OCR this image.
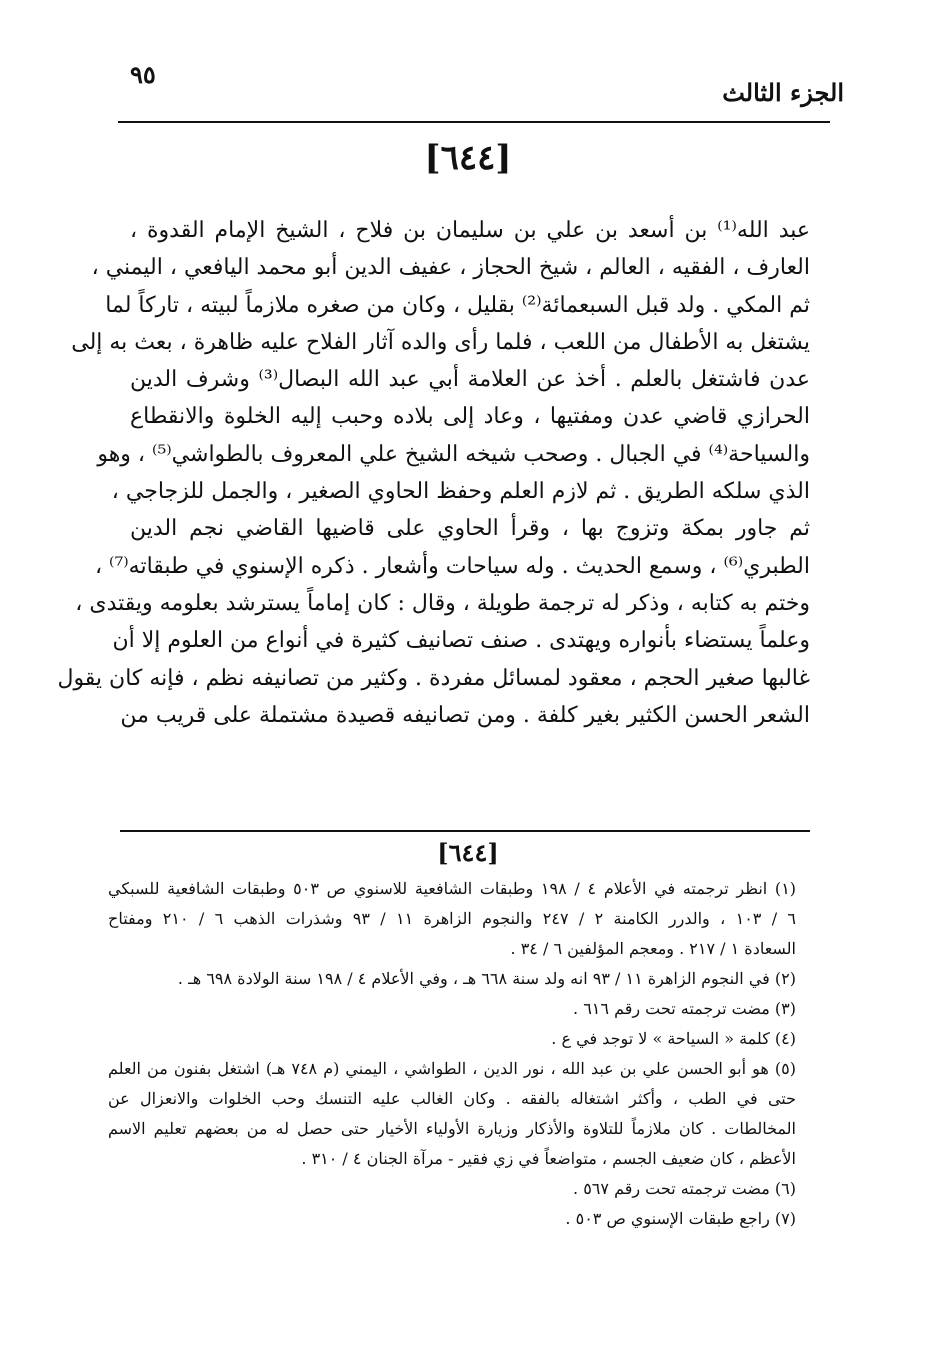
٩٥
الجزء الثالث
[٦٤٤]
عبد الله⁽¹⁾ بن أسعد بن علي بن سليمان بن فلاح ، الشيخ الإمام القدوة ،
العارف ، الفقيه ، العالم ، شيخ الحجاز ، عفيف الدين أبو محمد اليافعي ، اليمني ،
ثم المكي . ولد قبل السبعمائة⁽²⁾ بقليل ، وكان من صغره ملازماً لبيته ، تاركاً لما
يشتغل به الأطفال من اللعب ، فلما رأى والده آثار الفلاح عليه ظاهرة ، بعث به إلى
عدن فاشتغل بالعلم . أخذ عن العلامة أبي عبد الله البصال⁽³⁾ وشرف الدين
الحرازي قاضي عدن ومفتيها ، وعاد إلى بلاده وحبب إليه الخلوة والانقطاع
والسياحة⁽⁴⁾ في الجبال . وصحب شيخه الشيخ علي المعروف بالطواشي⁽⁵⁾ ، وهو
الذي سلكه الطريق . ثم لازم العلم وحفظ الحاوي الصغير ، والجمل للزجاجي ،
ثم جاور بمكة وتزوج بها ، وقرأ الحاوي على قاضيها القاضي نجم الدين
الطبري⁽⁶⁾ ، وسمع الحديث . وله سياحات وأشعار . ذكره الإسنوي في طبقاته⁽⁷⁾ ،
وختم به كتابه ، وذكر له ترجمة طويلة ، وقال : كان إماماً يسترشد بعلومه ويقتدى ،
وعلماً يستضاء بأنواره ويهتدى . صنف تصانيف كثيرة في أنواع من العلوم إلا أن
غالبها صغير الحجم ، معقود لمسائل مفردة . وكثير من تصانيفه نظم ، فإنه كان يقول
الشعر الحسن الكثير بغير كلفة . ومن تصانيفه قصيدة مشتملة على قريب من
[٦٤٤]
(١) انظر ترجمته في الأعلام ٤ / ١٩٨ وطبقات الشافعية للاسنوي ص ٥٠٣ وطبقات الشافعية للسبكي
٦ / ١٠٣ ، والدرر الكامنة ٢ / ٢٤٧ والنجوم الزاهرة ١١ / ٩٣ وشذرات الذهب ٦ / ٢١٠ ومفتاح
السعادة ١ / ٢١٧ . ومعجم المؤلفين ٦ / ٣٤ .
(٢) في النجوم الزاهرة ١١ / ٩٣ انه ولد سنة ٦٦٨ هـ ، وفي الأعلام ٤ / ١٩٨ سنة الولادة ٦٩٨ هـ .
(٣) مضت ترجمته تحت رقم ٦١٦ .
(٤) كلمة « السياحة » لا توجد في ع .
(٥) هو أبو الحسن علي بن عبد الله ، نور الدين ، الطواشي ، اليمني (م ٧٤٨ هـ) اشتغل بفنون من العلم
حتى في الطب ، وأكثر اشتغاله بالفقه . وكان الغالب عليه التنسك وحب الخلوات والانعزال عن
المخالطات . كان ملازماً للتلاوة والأذكار وزيارة الأولياء الأخيار حتى حصل له من بعضهم تعليم الاسم
الأعظم ، كان ضعيف الجسم ، متواضعاً في زي فقير - مرآة الجنان ٤ / ٣١٠ .
(٦) مضت ترجمته تحت رقم ٥٦٧ .
(٧) راجع طبقات الإسنوي ص ٥٠٣ .
